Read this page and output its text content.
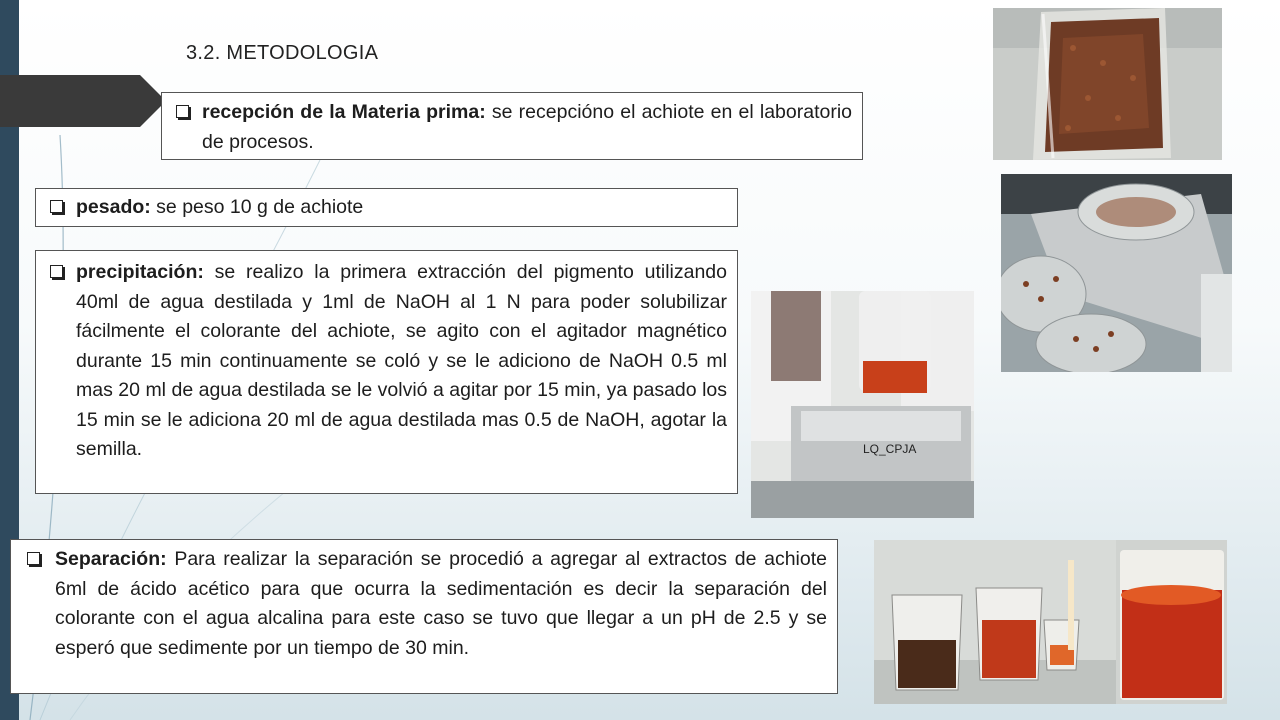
3.2. METODOLOGIA
recepción de la Materia prima: se recepcióno el achiote en el laboratorio de procesos.
pesado: se peso 10 g de achiote
precipitación: se realizo la primera extracción del pigmento utilizando 40ml de agua destilada y 1ml de NaOH al 1 N para poder solubilizar fácilmente el colorante del achiote, se agito con el agitador magnético durante 15 min continuamente se coló y se le adiciono de NaOH 0.5 ml mas 20 ml de agua destilada se le volvió a agitar por 15 min, ya pasado los 15 min se le adiciona 20 ml de agua destilada mas 0.5 de NaOH, agotar la semilla.
Separación: Para realizar la separación se procedió a agregar al extractos de achiote 6ml de ácido acético para que ocurra la sedimentación es decir la separación del colorante con el agua alcalina para este caso se tuvo que llegar a un pH de 2.5 y se esperó que sedimente por un tiempo de 30 min.
LQ_CPJA
